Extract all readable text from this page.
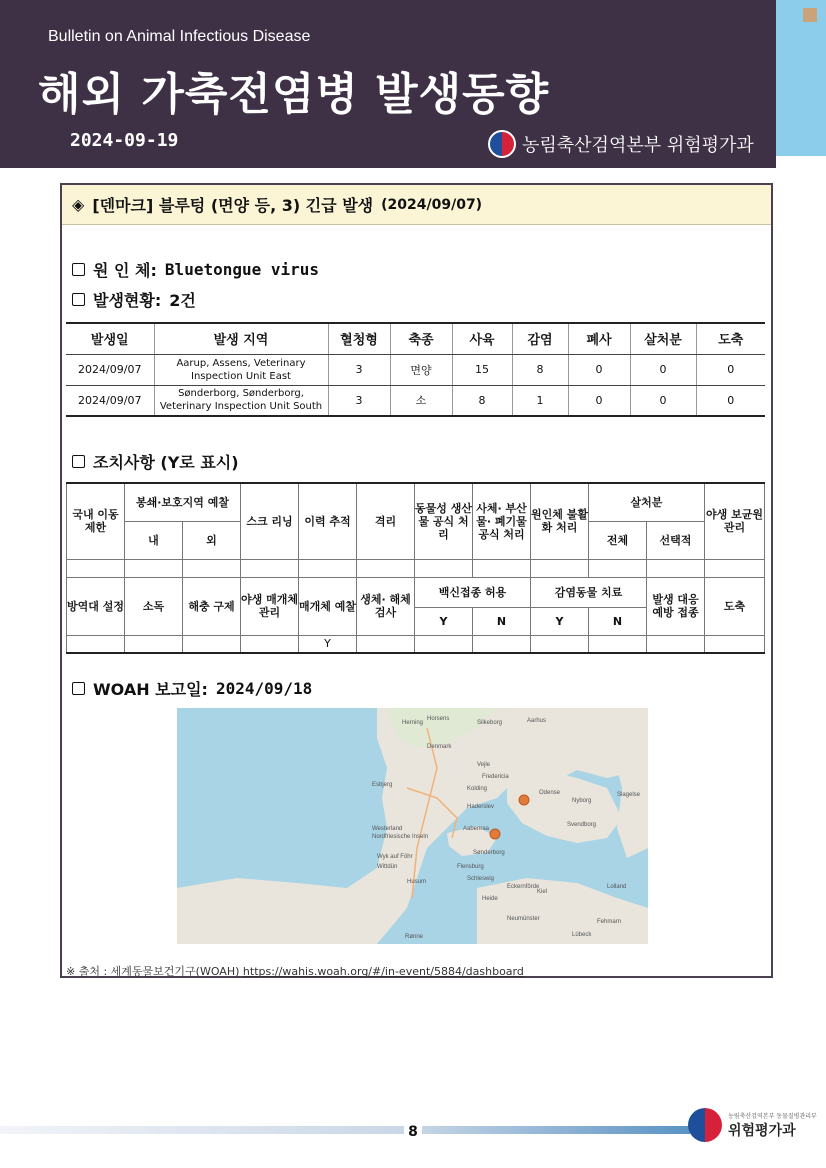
Bulletin on Animal Infectious Disease
해외 가축전염병 발생동향
2024-09-19	농림축산검역본부 위험평가과
◈ [덴마크] 블루텅 (면양 등, 3) 긴급 발생 (2024/09/07)
원 인 체: Bluetongue virus
발생현황: 2건
발생일	발생 지역	혈청형	축종	사육	감염	폐사	살처분	도축
2024/09/07	Aarup, Assens, Veterinary Inspection Unit East	3	면양	15	8	0	0	0
2024/09/07	Sønderborg, Sønderborg, Veterinary Inspection Unit South	3	소	8	1	0	0	0
조치사항 (Y로 표시)
국내 이동 제한	봉쇄·보호지역 예찰		스크 리닝	이력 추적	격리	동물성 생산물 공식 처리	사체· 부산물· 폐기물 공식 처리	원인체 불활화 처리	살처분		야생 보균원 관리
	내	외							전체	선택적	

방역대 설정	소독	해충 구제	야생 매개체 관리	매개체 예찰	생체· 해체 검사	백신접종 허용		감염동물 치료		발생 대응 예방 접종	도축
						Y	N	Y	N		
				Y							
WOAH 보고일: 2024/09/18
Horsens
Silkeborg	Aarhus
Herning
Denmark
Vejle
Fredericia
Kolding
Esbjerg
Haderslev
Odense
Nyborg
Slagelse
Aabenraa
Svendborg
Sønderborg
Flensburg
Husum
Kiel
Neumünster
Lübeck
Heide
Westerland
Nordfriesische Inseln
Wittdün
Wyk auf Föhr
Eckernförde
Schleswig
Lolland
Fehmarn
Rønne
※ 출처 : 세계동물보건기구(WOAH) https://wahis.woah.org/#/in-event/5884/dashboard
8
농림축산검역본부 동물질병관리부
위험평가과
